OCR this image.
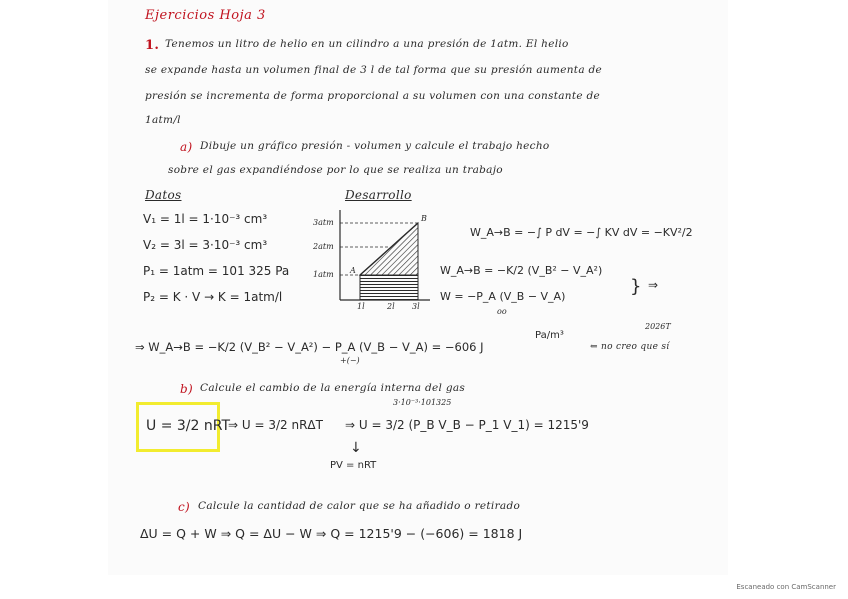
Ejercicios Hoja 3
1. Tenemos un litro de helio en un cilindro a una presión de 1atm. El helio
se expande hasta un volumen final de 3 l de tal forma que su presión aumenta de
presión se incrementa de forma proporcional a su volumen con una constante de
1atm/l
a) Dibuje un gráfico presión - volumen y calcule el trabajo hecho
sobre el gas expandiéndose por lo que se realiza un trabajo
Datos
V₁ = 1l = 1·10⁻³ cm³
V₂ = 3l = 3·10⁻³ cm³
P₁ = 1atm = 101 325 Pa
P₂ = K · V → K = 1atm/l
Desarrollo
3atm
2atm
1atm
1l	2l 3l
A
B
W_A→B = −∫ P dV = −∫ KV dV = −KV²/2
W_A→B = −K/2 (V_B² − V_A²)
W = −P_A (V_B − V_A)
oo
} ⇒
2026T
Pa/m³
⇒ W_A→B = −K/2 (V_B² − V_A²) − P_A (V_B − V_A) = −606 J
+(−)
⇐ no creo que sí
b) Calcule el cambio de la energía interna del gas
3·10⁻³·101325
U = 3/2 nRT
⇒ U = 3/2 nRΔT ⇒ U = 3/2 (P_B V_B − P_1 V_1) = 1215'9
↓
PV = nRT
c) Calcule la cantidad de calor que se ha añadido o retirado
ΔU = Q + W ⇒ Q = ΔU − W ⇒ Q = 1215'9 − (−606) = 1818 J
Escaneado con CamScanner
